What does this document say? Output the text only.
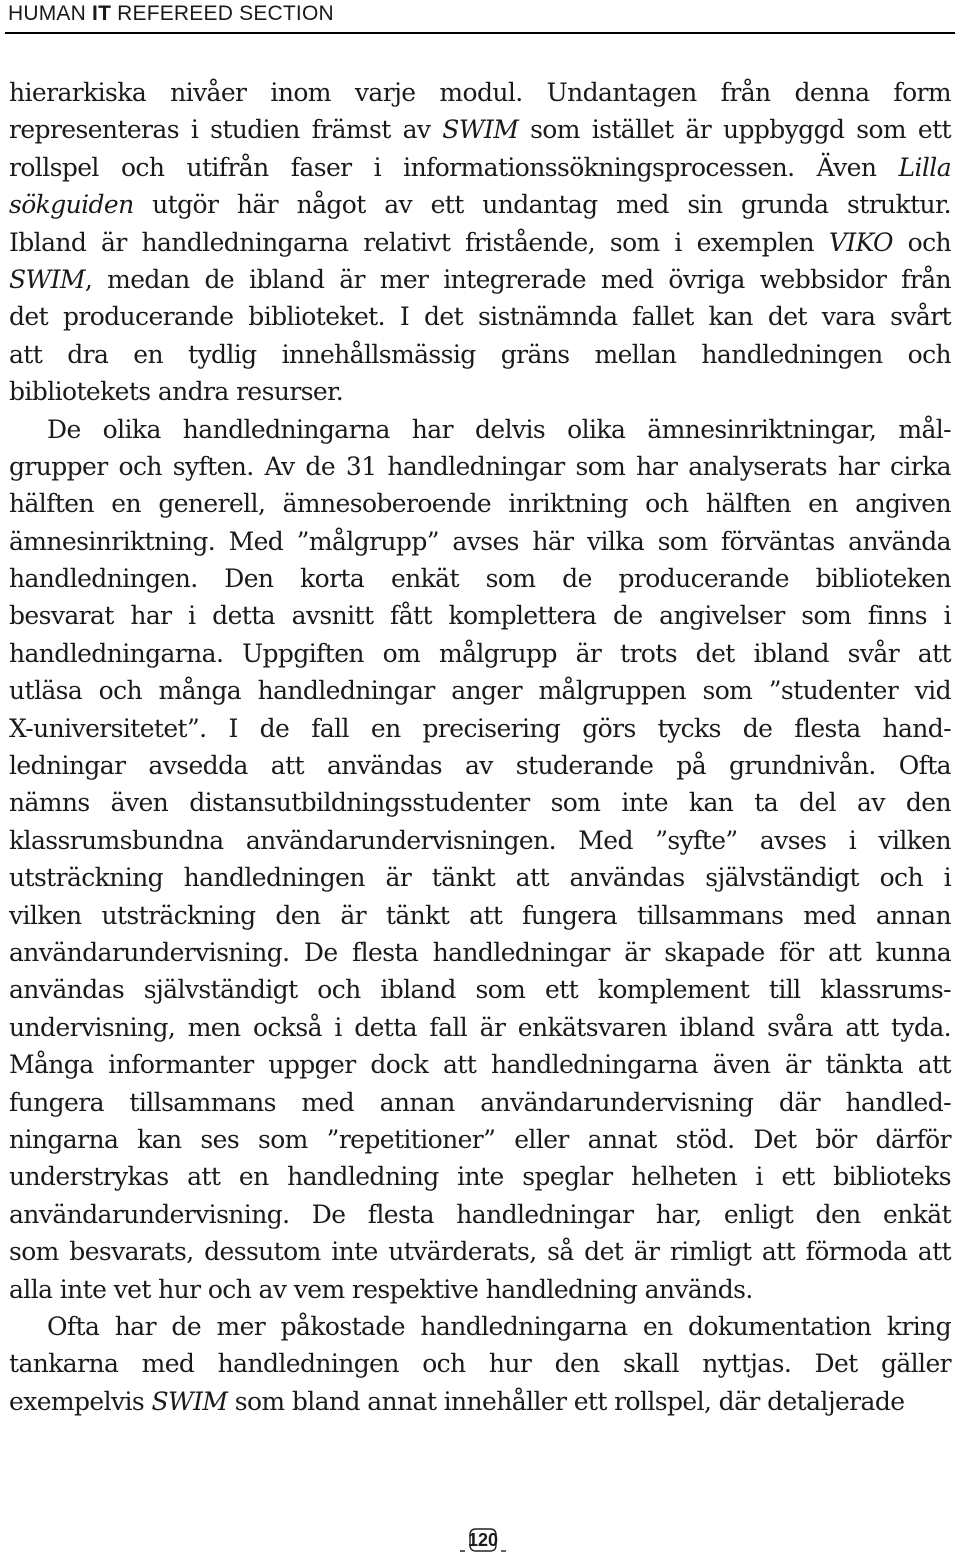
HUMAN IT REFEREED SECTION
hierarkiska nivåer inom varje modul. Undantagen från denna form
representeras i studien främst av SWIM som istället är uppbyggd som ett
rollspel och utifrån faser i informationssökningsprocessen. Även Lilla
sökguiden utgör här något av ett undantag med sin grunda struktur.
Ibland är handledningarna relativt fristående, som i exemplen VIKO och
SWIM, medan de ibland är mer integrerade med övriga webbsidor från
det producerande biblioteket. I det sistnämnda fallet kan det vara svårt
att dra en tydlig innehållsmässig gräns mellan handledningen och
bibliotekets andra resurser.
De olika handledningarna har delvis olika ämnesinriktningar, mål-
grupper och syften. Av de 31 handledningar som har analyserats har cirka
hälften en generell, ämnesoberoende inriktning och hälften en angiven
ämnesinriktning. Med ”målgrupp” avses här vilka som förväntas använda
handledningen. Den korta enkät som de producerande biblioteken
besvarat har i detta avsnitt fått komplettera de angivelser som finns i
handledningarna. Uppgiften om målgrupp är trots det ibland svår att
utläsa och många handledningar anger målgruppen som ”studenter vid
X-universitetet”. I de fall en precisering görs tycks de flesta hand-
ledningar avsedda att användas av studerande på grundnivån. Ofta
nämns även distansutbildningsstudenter som inte kan ta del av den
klassrumsbundna användarundervisningen. Med ”syfte” avses i vilken
utsträckning handledningen är tänkt att användas självständigt och i
vilken utsträckning den är tänkt att fungera tillsammans med annan
användarundervisning. De flesta handledningar är skapade för att kunna
användas självständigt och ibland som ett komplement till klassrums-
undervisning, men också i detta fall är enkätsvaren ibland svåra att tyda.
Många informanter uppger dock att handledningarna även är tänkta att
fungera tillsammans med annan användarundervisning där handled-
ningarna kan ses som ”repetitioner” eller annat stöd. Det bör därför
understrykas att en handledning inte speglar helheten i ett biblioteks
användarundervisning. De flesta handledningar har, enligt den enkät
som besvarats, dessutom inte utvärderats, så det är rimligt att förmoda att
alla inte vet hur och av vem respektive handledning används.
Ofta har de mer påkostade handledningarna en dokumentation kring
tankarna med handledningen och hur den skall nyttjas. Det gäller
exempelvis SWIM som bland annat innehåller ett rollspel, där detaljerade
120
